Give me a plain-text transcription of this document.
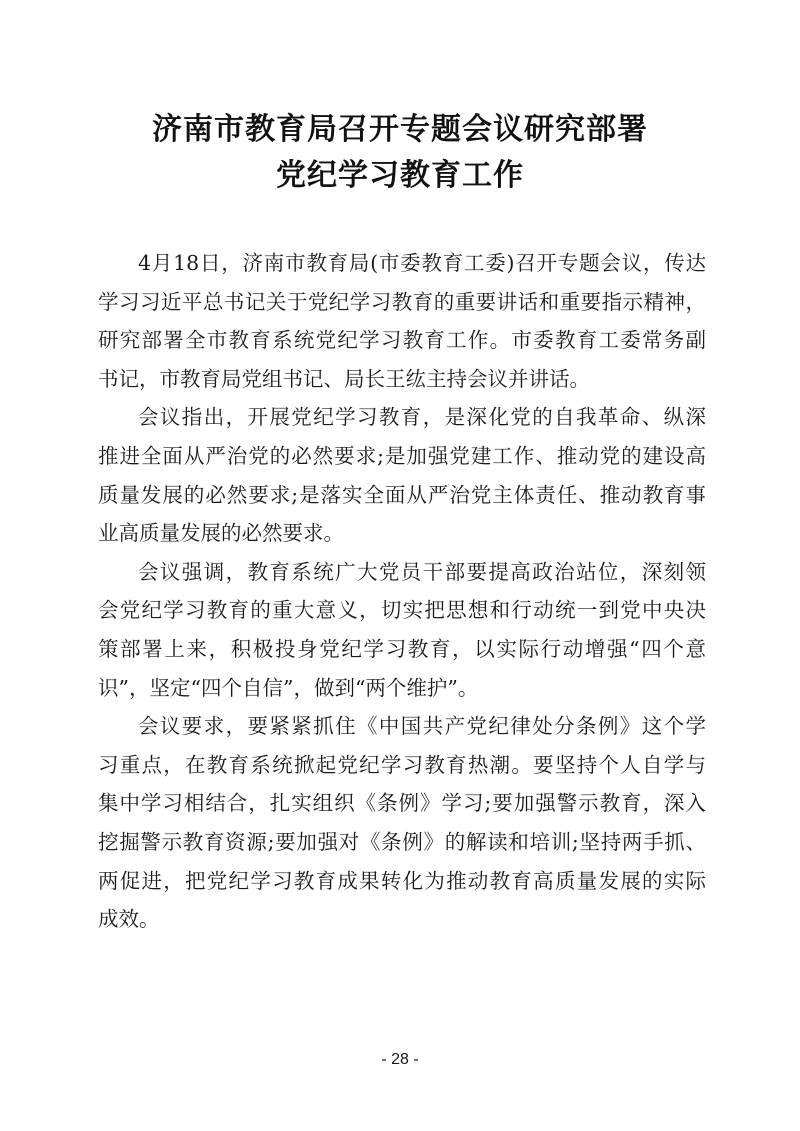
济南市教育局召开专题会议研究部署
党纪学习教育工作
4月18日，济南市教育局(市委教育工委)召开专题会议，传达
学习习近平总书记关于党纪学习教育的重要讲话和重要指示精神，
研究部署全市教育系统党纪学习教育工作。市委教育工委常务副
书记，市教育局党组书记、局长王纮主持会议并讲话。
会议指出，开展党纪学习教育，是深化党的自我革命、纵深
推进全面从严治党的必然要求;是加强党建工作、推动党的建设高
质量发展的必然要求;是落实全面从严治党主体责任、推动教育事
业高质量发展的必然要求。
会议强调，教育系统广大党员干部要提高政治站位，深刻领
会党纪学习教育的重大意义，切实把思想和行动统一到党中央决
策部署上来，积极投身党纪学习教育，以实际行动增强“四个意
识”，坚定“四个自信”，做到“两个维护”。
会议要求，要紧紧抓住《中国共产党纪律处分条例》这个学
习重点，在教育系统掀起党纪学习教育热潮。要坚持个人自学与
集中学习相结合，扎实组织《条例》学习;要加强警示教育，深入
挖掘警示教育资源;要加强对《条例》的解读和培训;坚持两手抓、
两促进，把党纪学习教育成果转化为推动教育高质量发展的实际
成效。
- 28 -
